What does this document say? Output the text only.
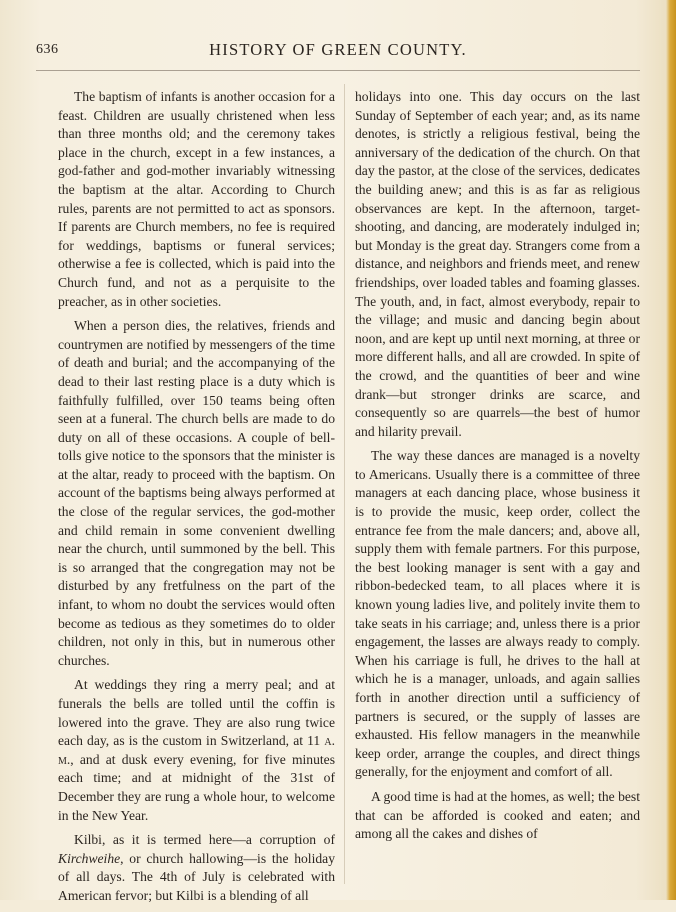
636	HISTORY OF GREEN COUNTY.

The baptism of infants is another occasion for a feast. Children are usually christened when less than three months old; and the ceremony takes place in the church, except in a few instances, a god-father and god-mother invariably witnessing the baptism at the altar. According to Church rules, parents are not permitted to act as sponsors. If parents are Church members, no fee is required for weddings, baptisms or funeral services; otherwise a fee is collected, which is paid into the Church fund, and not as a perquisite to the preacher, as in other societies.

When a person dies, the relatives, friends and countrymen are notified by messengers of the time of death and burial; and the accompanying of the dead to their last resting place is a duty which is faithfully fulfilled, over 150 teams being often seen at a funeral. The church bells are made to do duty on all of these occasions. A couple of bell-tolls give notice to the sponsors that the minister is at the altar, ready to proceed with the baptism. On account of the baptisms being always performed at the close of the regular services, the god-mother and child remain in some convenient dwelling near the church, until summoned by the bell. This is so arranged that the congregation may not be disturbed by any fretfulness on the part of the infant, to whom no doubt the services would often become as tedious as they sometimes do to older children, not only in this, but in numerous other churches.

At weddings they ring a merry peal; and at funerals the bells are tolled until the coffin is lowered into the grave. They are also rung twice each day, as is the custom in Switzerland, at 11 a. m., and at dusk every evening, for five minutes each time; and at midnight of the 31st of December they are rung a whole hour, to welcome in the New Year.

Kilbi, as it is termed here—a corruption of Kirchweihe, or church hallowing—is the holiday of all days. The 4th of July is celebrated with American fervor; but Kilbi is a blending of all

holidays into one. This day occurs on the last Sunday of September of each year; and, as its name denotes, is strictly a religious festival, being the anniversary of the dedication of the church. On that day the pastor, at the close of the services, dedicates the building anew; and this is as far as religious observances are kept. In the afternoon, target-shooting, and dancing, are moderately indulged in; but Monday is the great day. Strangers come from a distance, and neighbors and friends meet, and renew friendships, over loaded tables and foaming glasses. The youth, and, in fact, almost everybody, repair to the village; and music and dancing begin about noon, and are kept up until next morning, at three or more different halls, and all are crowded. In spite of the crowd, and the quantities of beer and wine drank—but stronger drinks are scarce, and consequently so are quarrels—the best of humor and hilarity prevail.

The way these dances are managed is a novelty to Americans. Usually there is a committee of three managers at each dancing place, whose business it is to provide the music, keep order, collect the entrance fee from the male dancers; and, above all, supply them with female partners. For this purpose, the best looking manager is sent with a gay and ribbon-bedecked team, to all places where it is known young ladies live, and politely invite them to take seats in his carriage; and, unless there is a prior engagement, the lasses are always ready to comply. When his carriage is full, he drives to the hall at which he is a manager, unloads, and again sallies forth in another direction until a sufficiency of partners is secured, or the supply of lasses are exhausted. His fellow managers in the meanwhile keep order, arrange the couples, and direct things generally, for the enjoyment and comfort of all.

A good time is had at the homes, as well; the best that can be afforded is cooked and eaten; and among all the cakes and dishes of
